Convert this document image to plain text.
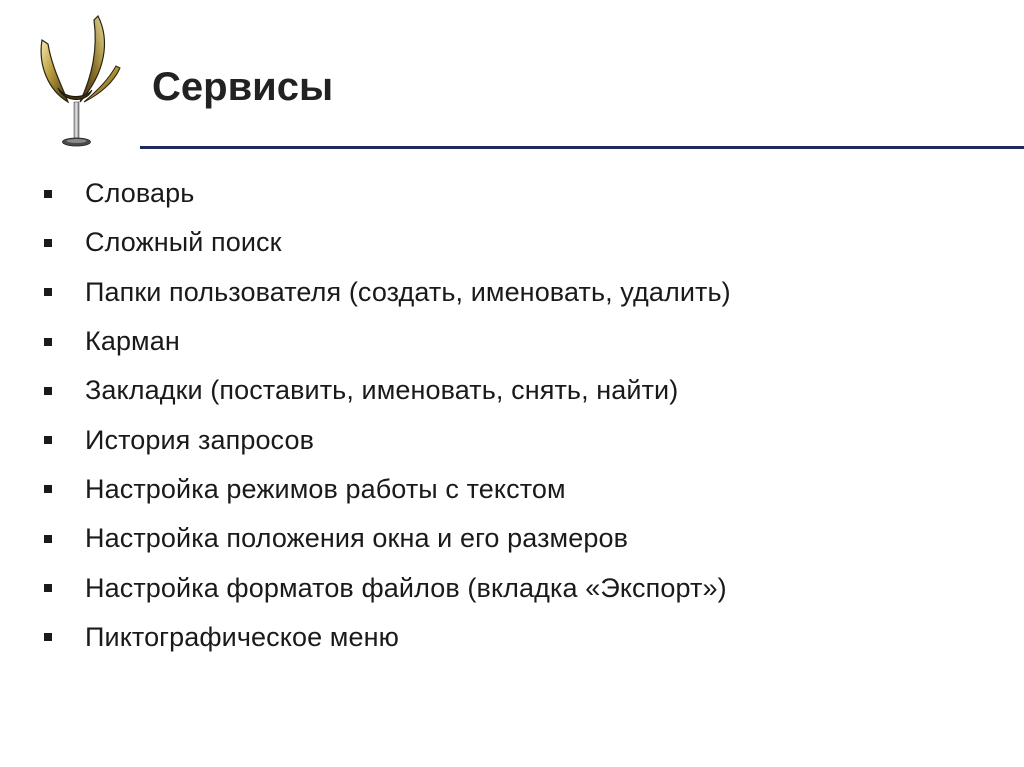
Сервисы
Словарь
Сложный поиск
Папки пользователя (создать, именовать, удалить)
Карман
Закладки (поставить, именовать, снять, найти)
История запросов
Настройка режимов работы с текстом
Настройка положения окна и его размеров
Настройка форматов файлов (вкладка «Экспорт»)
Пиктографическое меню
